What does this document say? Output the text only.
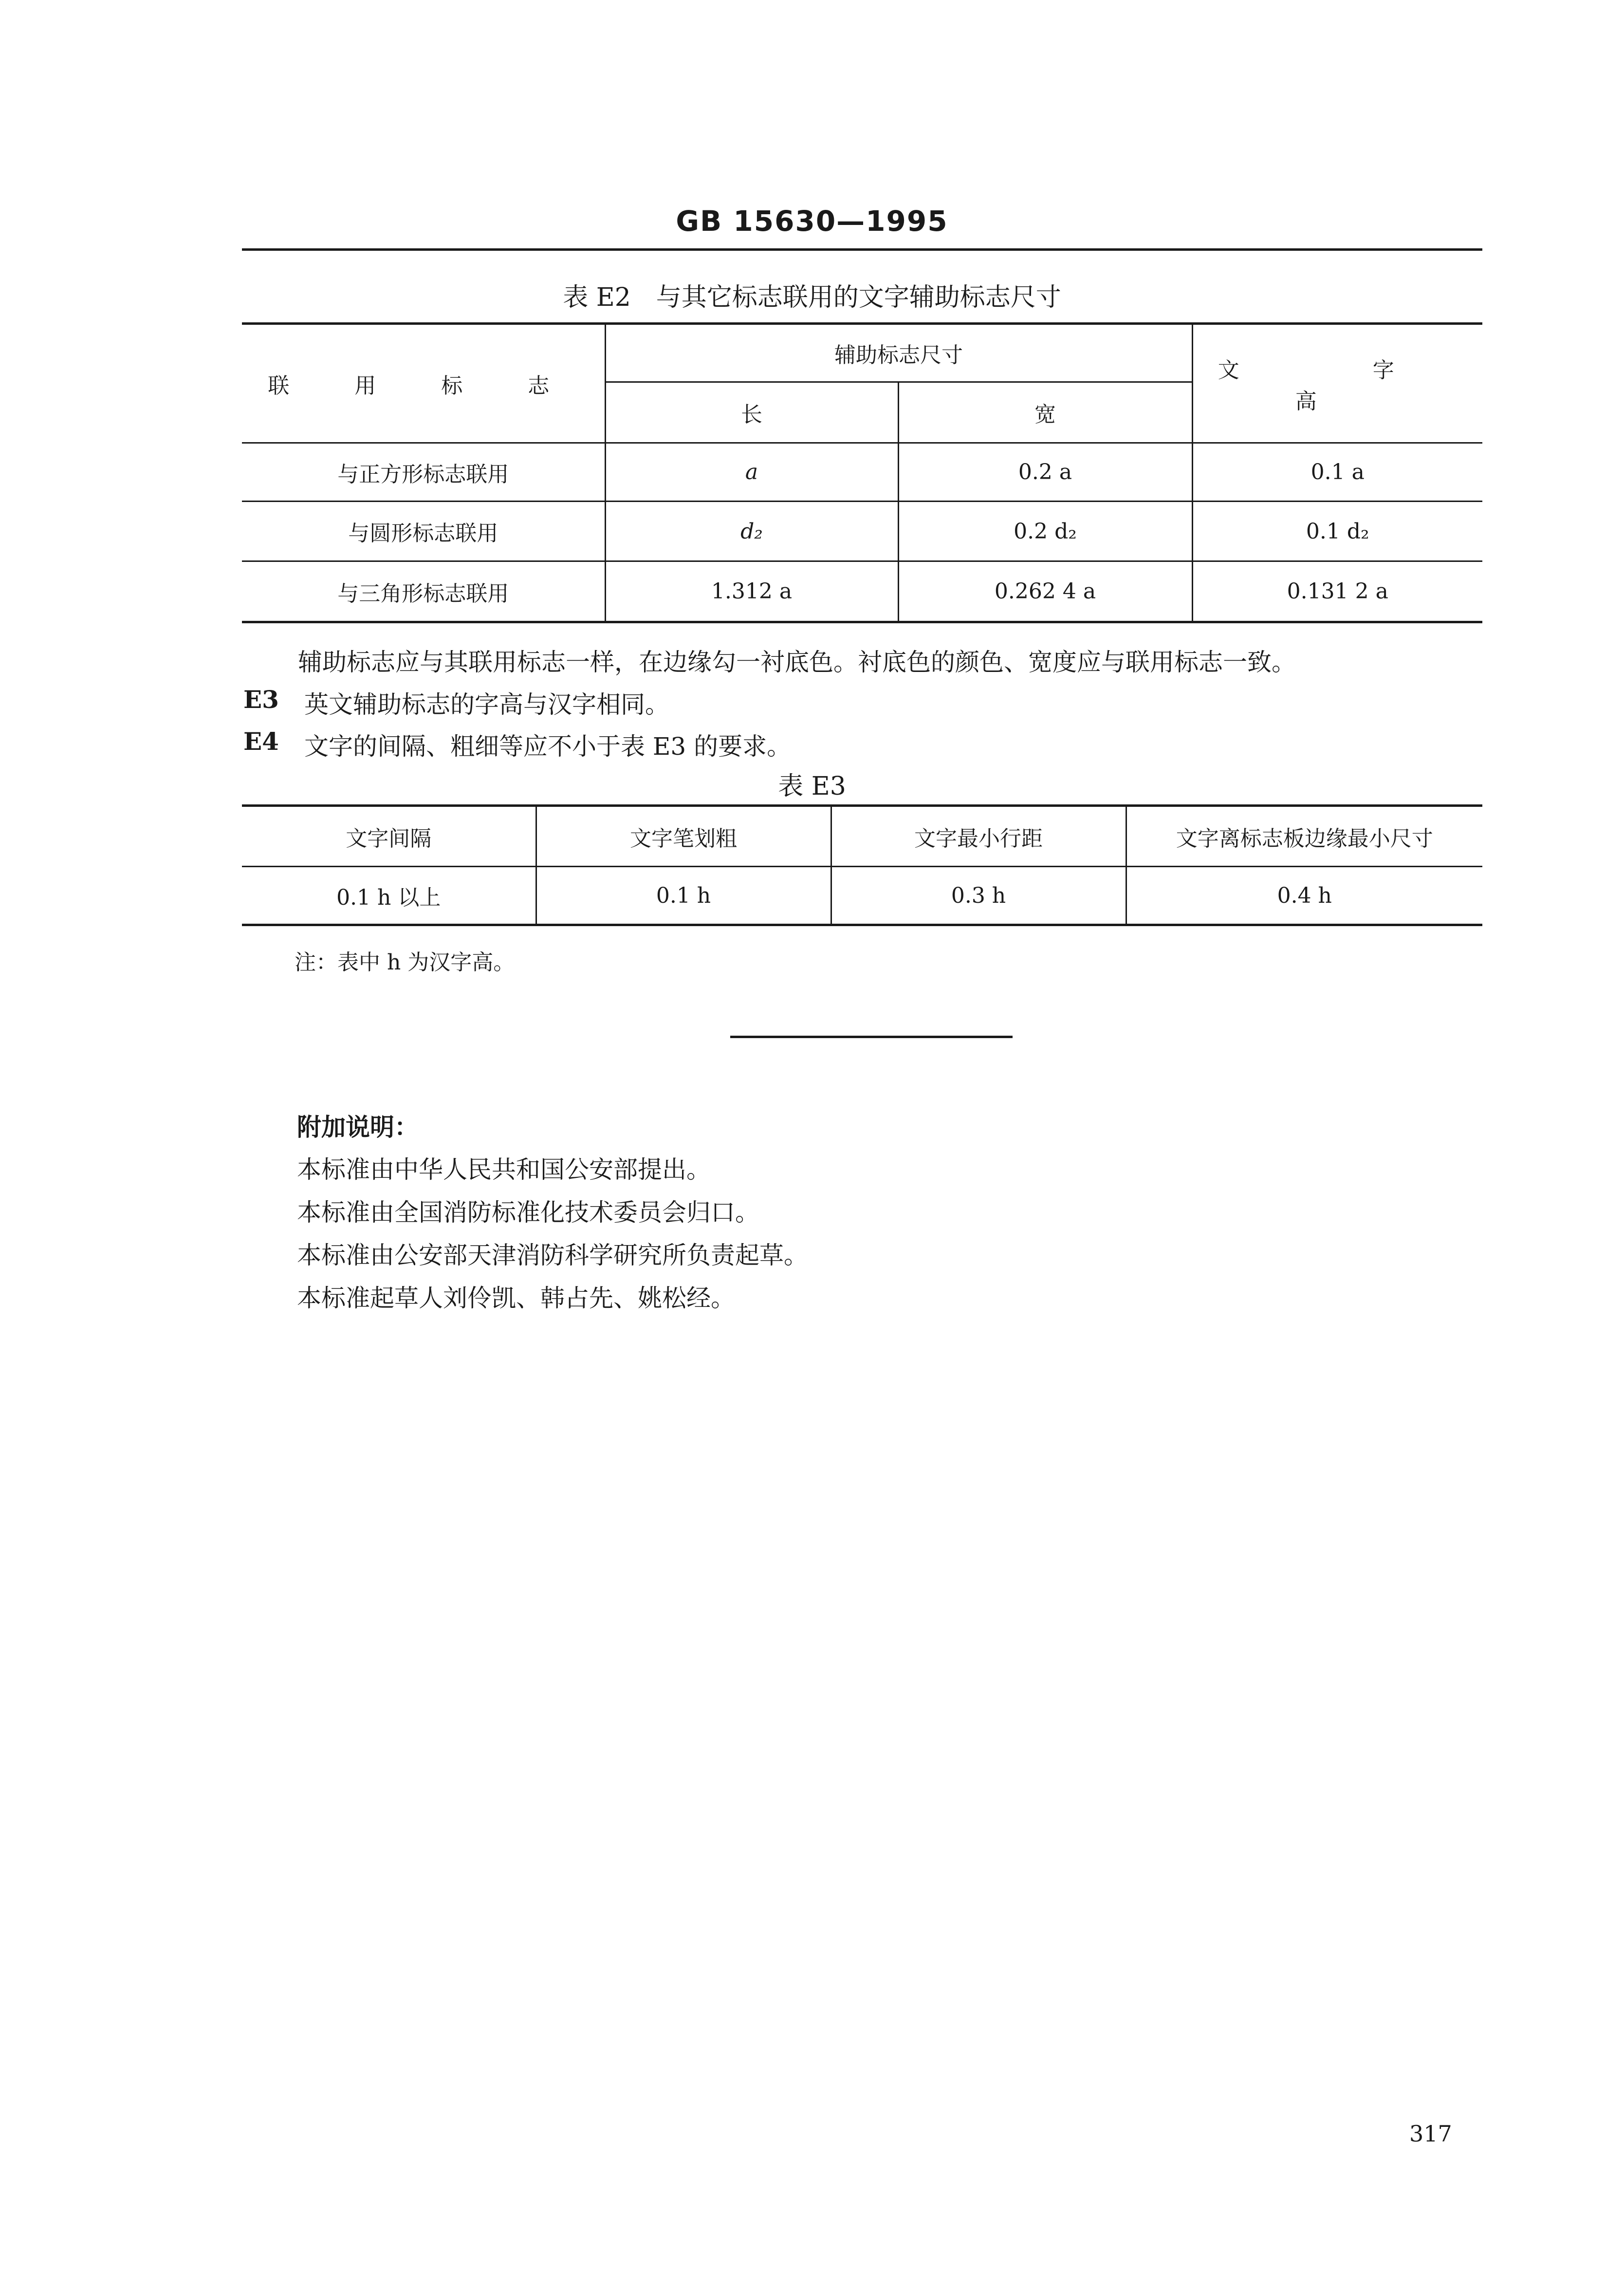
GB 15630—1995
表 E2　与其它标志联用的文字辅助标志尺寸
联 用 标 志	辅助标志尺寸		文 字 高
	长	宽	
与正方形标志联用	a	0.2 a	0.1 a
与圆形标志联用	d₂	0.2 d₂	0.1 d₂
与三角形标志联用	1.312 a	0.262 4 a	0.131 2 a
辅助标志应与其联用标志一样，在边缘勾一衬底色。衬底色的颜色、宽度应与联用标志一致。
E3 英文辅助标志的字高与汉字相同。
E4 文字的间隔、粗细等应不小于表 E3 的要求。
表 E3
文字间隔	文字笔划粗	文字最小行距	文字离标志板边缘最小尺寸
0.1 h 以上	0.1 h	0.3 h	0.4 h
注：表中 h 为汉字高。
附加说明：
本标准由中华人民共和国公安部提出。
本标准由全国消防标准化技术委员会归口。
本标准由公安部天津消防科学研究所负责起草。
本标准起草人刘伶凯、韩占先、姚松经。
317
